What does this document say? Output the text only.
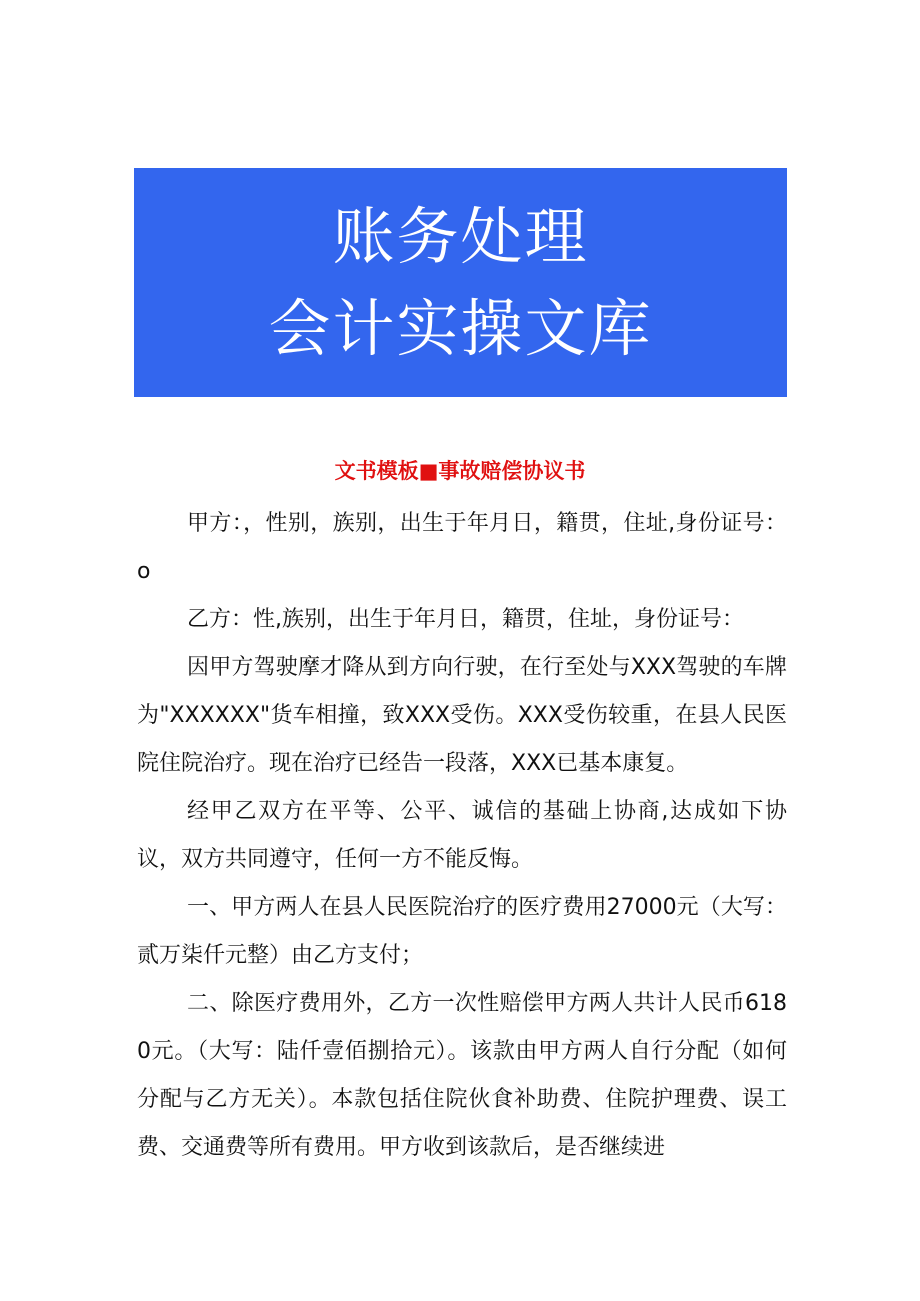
账务处理
会计实操文库
文书模板■事故赔偿协议书

甲方：，性别，族别，出生于年月日，籍贯，住址,身份证号：o

乙方：性,族别，出生于年月日，籍贯，住址，身份证号：

因甲方驾驶摩才降从到方向行驶，在行至处与XXX驾驶的车牌为"XXXXXX"货车相撞，致XXX受伤。XXX受伤较重，在县人民医院住院治疗。现在治疗已经告一段落，XXX已基本康复。

经甲乙双方在平等、公平、诚信的基础上协商,达成如下协议，双方共同遵守，任何一方不能反悔。

一、甲方两人在县人民医院治疗的医疗费用27000元（大写：贰万柒仟元整）由乙方支付；

二、除医疗费用外，乙方一次性赔偿甲方两人共计人民币6180元。（大写：陆仟壹佰捌拾元）。该款由甲方两人自行分配（如何分配与乙方无关）。本款包括住院伙食补助费、住院护理费、误工费、交通费等所有费用。甲方收到该款后，是否继续进
